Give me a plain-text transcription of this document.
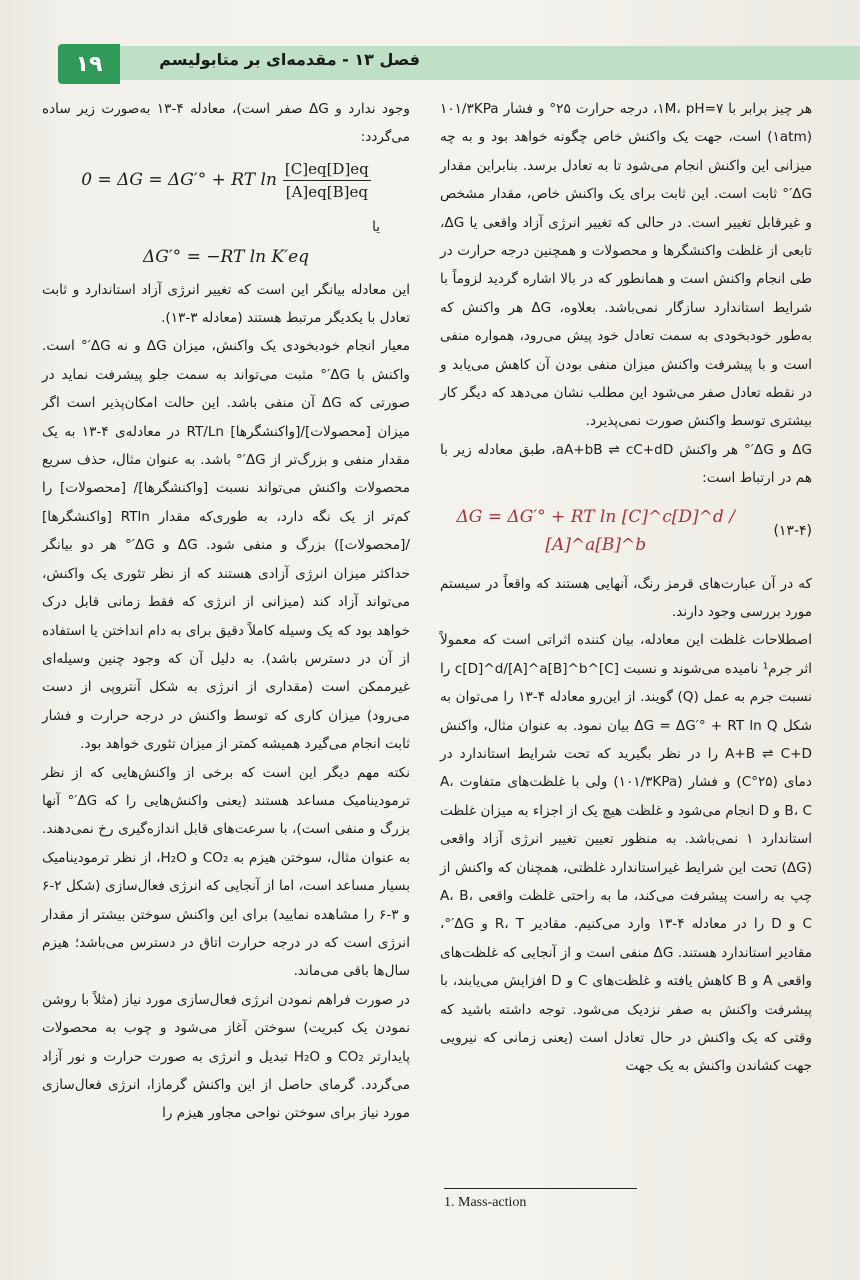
۱۹	فصل ۱۳ - مقدمه‌ای بر متابولیسم

هر چیز برابر با ۱M، pH=۷، درجه حرارت ۲۵° و فشار ۱۰۱/۳KPa (۱atm) است، جهت یک واکنش خاص چگونه خواهد بود و به چه میزانی این واکنش انجام می‌شود تا به تعادل برسد. بنابراین مقدار ΔG′° ثابت است. این ثابت برای یک واکنش خاص، مقدار مشخص و غیرقابل تغییر است. در حالی که تغییر انرژی آزاد واقعی یا ΔG، تابعی از غلظت واکنشگرها و محصولات و همچنین درجه حرارت در طی انجام واکنش است و همانطور که در بالا اشاره گردید لزوماً با شرایط استاندارد سازگار نمی‌باشد. بعلاوه، ΔG هر واکنش که به‌طور خودبخودی به سمت تعادل خود پیش می‌رود، همواره منفی است و با پیشرفت واکنش میزان منفی بودن آن کاهش می‌یابد و در نقطه تعادل صفر می‌شود این مطلب نشان می‌دهد که دیگر کار بیشتری توسط واکنش صورت نمی‌پذیرد.

ΔG و ΔG′° هر واکنش aA+bB ⇌ cC+dD، طبق معادله زیر با هم در ارتباط است:

(۱۳-۴)
ΔG = ΔG′° + RT ln [C]^c[D]^d / [A]^a[B]^b

که در آن عبارت‌های قرمز رنگ، آنهایی هستند که واقعاً در سیستم مورد بررسی وجود دارند.

اصطلاحات غلظت این معادله، بیان کننده اثراتی است که معمولاً اثر جرم¹ نامیده می‌شوند و نسبت [C]^c[D]^d/[A]^a[B]^b را نسبت جرم به عمل (Q) گویند. از این‌رو معادله ۴-۱۳ را می‌توان به شکل ΔG = ΔG′° + RT ln Q بیان نمود. به عنوان مثال، واکنش A+B ⇌ C+D را در نظر بگیرید که تحت شرایط استاندارد در دمای (۲۵°C) و فشار (۱۰۱/۳KPa) ولی با غلظت‌های متفاوت A، B، C و D انجام می‌شود و غلظت هیچ یک از اجزاء به میزان غلظت استاندارد ۱ نمی‌باشد. به منظور تعیین تغییر انرژی آزاد واقعی (ΔG) تحت این شرایط غیراستاندارد غلظتی، همچنان که واکنش از چپ به راست پیشرفت می‌کند، ما به راحتی غلظت واقعی A، B، C و D را در معادله ۴-۱۳ وارد می‌کنیم. مقادیر R، T و ΔG′°، مقادیر استاندارد هستند. ΔG منفی است و از آنجایی که غلظت‌های واقعی A و B کاهش یافته و غلظت‌های C و D افزایش می‌یابند، با پیشرفت واکنش به صفر نزدیک می‌شود. توجه داشته باشید که وقتی که یک واکنش در حال تعادل است (یعنی زمانی که نیرویی جهت کشاندن واکنش به یک جهت

وجود ندارد و ΔG صفر است)، معادله ۴-۱۳ به‌صورت زیر ساده می‌گردد:

0 = ΔG = ΔG′° + RT $\ln \frac{[C]eq[D]eq}{[A]eq[B]eq}$

یا

ΔG′° = −RT ln K′eq

این معادله بیانگر این است که تغییر انرژی آزاد استاندارد و ثابت تعادل با یکدیگر مرتبط هستند (معادله ۳-۱۳).

معیار انجام خودبخودی یک واکنش، میزان ΔG و نه ΔG′° است. واکنش با ΔG′° مثبت می‌تواند به سمت جلو پیشرفت نماید در صورتی که ΔG آن منفی باشد. این حالت امکان‌پذیر است اگر میزان [محصولات]/[واکنشگرها] RT/Ln در معادله‌ی ۴-۱۳ به یک مقدار منفی و بزرگ‌تر از ΔG′° باشد. به عنوان مثال، حذف سریع محصولات واکنش می‌تواند نسبت [واکنشگرها]/ [محصولات] را کم‌تر از یک نگه دارد، به طوری‌که مقدار RTln [واکنشگرها] /[محصولات]) بزرگ و منفی شود. ΔG و ΔG′° هر دو بیانگر حداکثر میزان انرژی آزادی هستند که از نظر تئوری یک واکنش، می‌تواند آزاد کند (میزانی از انرژی که فقط زمانی قابل درک خواهد بود که یک وسیله کاملاً دقیق برای به دام انداختن یا استفاده از آن در دسترس باشد). به دلیل آن که وجود چنین وسیله‌ای غیرممکن است (مقداری از انرژی به شکل آنتروپی از دست می‌رود) میزان کاری که توسط واکنش در درجه حرارت و فشار ثابت انجام می‌گیرد همیشه کمتر از میزان تئوری خواهد بود.

نکته مهم دیگر این است که برخی از واکنش‌هایی که از نظر ترمودینامیک مساعد هستند (یعنی واکنش‌هایی را که ΔG′° آنها بزرگ و منفی است)، با سرعت‌های قابل اندازه‌گیری رخ نمی‌دهند. به عنوان مثال، سوختن هیزم به CO₂ و H₂O، از نظر ترمودینامیک بسیار مساعد است، اما از آنجایی که انرژی فعال‌سازی (شکل ۲-۶ و ۳-۶ را مشاهده نمایید) برای این واکنش سوختن بیشتر از مقدار انرژی است که در درجه حرارت اتاق در دسترس می‌باشد؛ هیزم سال‌ها باقی می‌ماند.

در صورت فراهم نمودن انرژی فعال‌سازی مورد نیاز (مثلاً با روشن نمودن یک کبریت) سوختن آغاز می‌شود و چوب به محصولات پایدارتر CO₂ و H₂O تبدیل و انرژی به صورت حرارت و نور آزاد می‌گردد. گرمای حاصل از این واکنش گرمازا، انرژی فعال‌سازی مورد نیاز برای سوختن نواحی مجاور هیزم را

1. Mass-action
